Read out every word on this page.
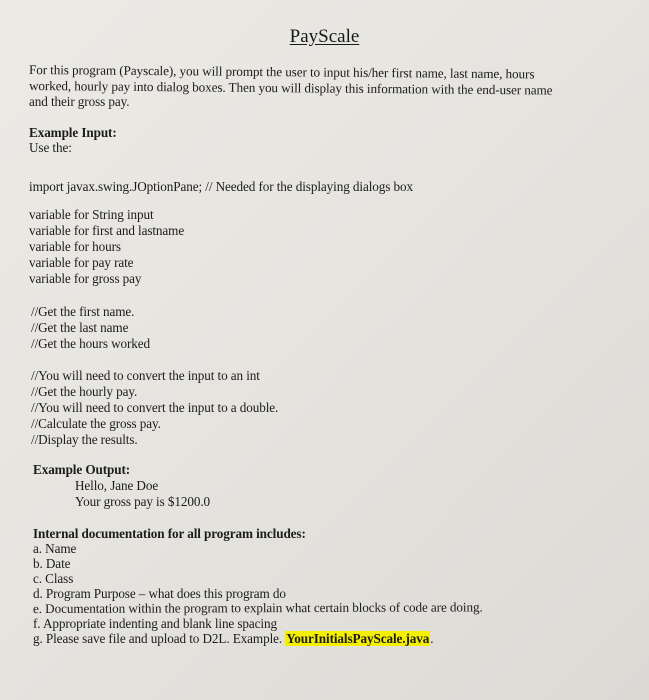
PayScale
For this program (Payscale), you will prompt the user to input his/her first name, last name, hours
worked, hourly pay into dialog boxes. Then you will display this information with the end-user name
and their gross pay.
Example Input:
Use the:
import javax.swing.JOptionPane; // Needed for the displaying dialogs box
variable for String input
variable for first and lastname
variable for hours
variable for pay rate
variable for gross pay
//Get the first name.
//Get the last name
//Get the hours worked
//You will need to convert the input to an int
//Get the hourly pay.
//You will need to convert the input to a double.
//Calculate the gross pay.
//Display the results.
Example Output:
Hello, Jane Doe
Your gross pay is $1200.0
Internal documentation for all program includes:
a. Name
b. Date
c. Class
d. Program Purpose – what does this program do
e. Documentation within the program to explain what certain blocks of code are doing.
f. Appropriate indenting and blank line spacing
g. Please save file and upload to D2L. Example. YourInitialsPayScale.java.
